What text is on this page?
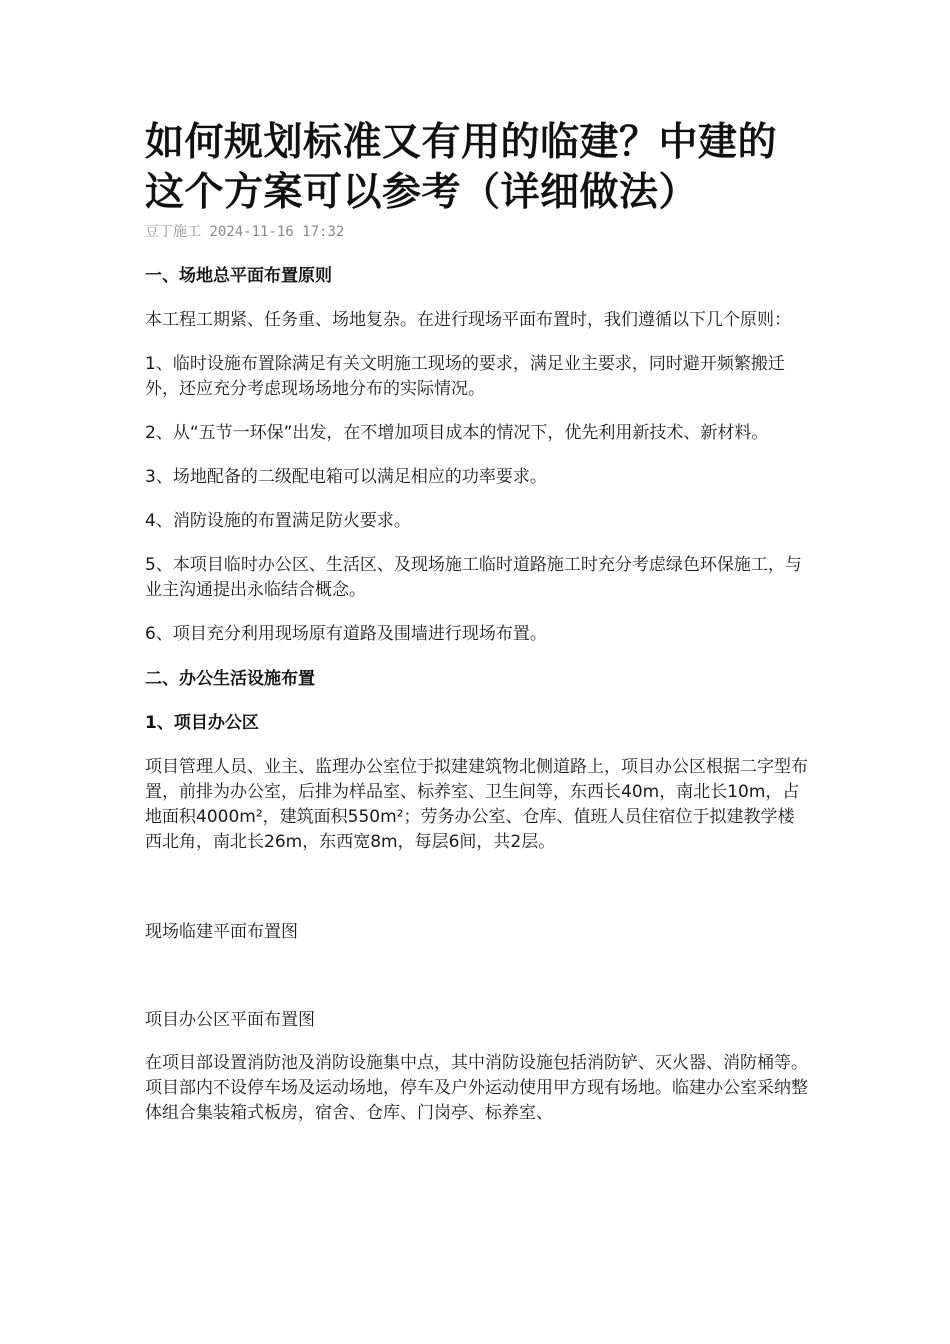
如何规划标准又有用的临建？中建的这个方案可以参考（详细做法）
豆丁施工 2024-11-16 17:32

一、场地总平面布置原则

本工程工期紧、任务重、场地复杂。在进行现场平面布置时，我们遵循以下几个原则：

1、临时设施布置除满足有关文明施工现场的要求，满足业主要求，同时避开频繁搬迁外，还应充分考虑现场场地分布的实际情况。

2、从“五节一环保”出发，在不增加项目成本的情况下，优先利用新技术、新材料。

3、场地配备的二级配电箱可以满足相应的功率要求。

4、消防设施的布置满足防火要求。

5、本项目临时办公区、生活区、及现场施工临时道路施工时充分考虑绿色环保施工，与业主沟通提出永临结合概念。

6、项目充分利用现场原有道路及围墙进行现场布置。

二、办公生活设施布置

1、项目办公区

项目管理人员、业主、监理办公室位于拟建建筑物北侧道路上，项目办公区根据二字型布置，前排为办公室，后排为样品室、标养室、卫生间等，东西长40m，南北长10m，占地面积4000m²，建筑面积550m²；劳务办公室、仓库、值班人员住宿位于拟建教学楼西北角，南北长26m，东西宽8m，每层6间，共2层。

现场临建平面布置图

项目办公区平面布置图

在项目部设置消防池及消防设施集中点，其中消防设施包括消防铲、灭火器、消防桶等。项目部内不设停车场及运动场地，停车及户外运动使用甲方现有场地。临建办公室采纳整体组合集装箱式板房，宿舍、仓库、门岗亭、标养室、
